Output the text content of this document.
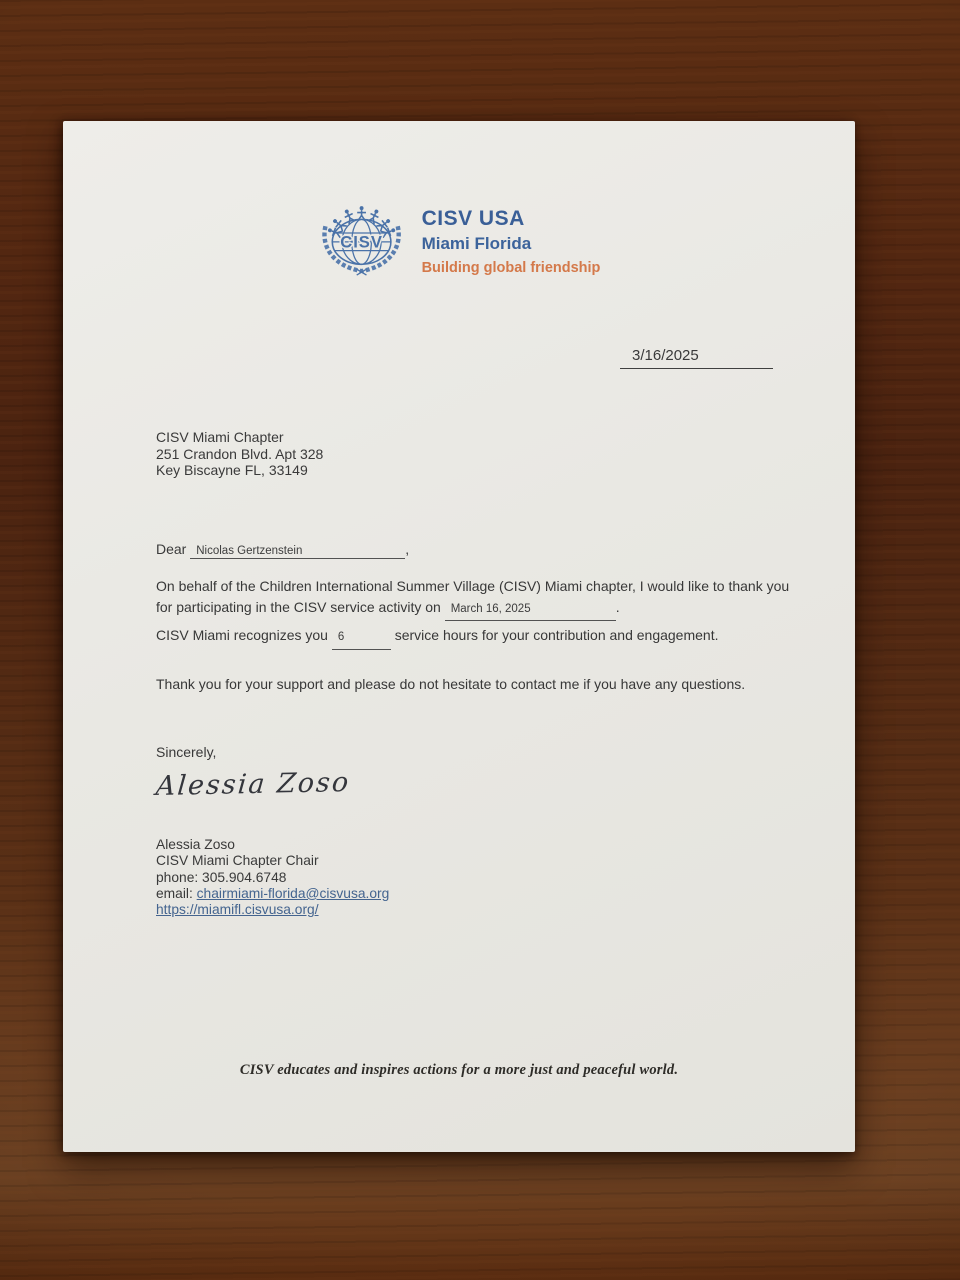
CISV
CISV USA
Miami Florida
Building global friendship
3/16/2025
CISV Miami Chapter
251 Crandon Blvd. Apt 328
Key Biscayne FL, 33149
Dear Nicolas Gertzenstein	,

On behalf of the Children International Summer Village (CISV) Miami chapter, I would like to thank you for participating in the CISV service activity on March 16, 2025	.

CISV Miami recognizes you 6	service hours for your contribution and engagement.

Thank you for your support and please do not hesitate to contact me if you have any questions.

Sincerely,
Alessia Zoso
Alessia Zoso
CISV Miami Chapter Chair
phone: 305.904.6748
email: chairmiami-florida@cisvusa.org
https://miamifl.cisvusa.org/
CISV educates and inspires actions for a more just and peaceful world.
